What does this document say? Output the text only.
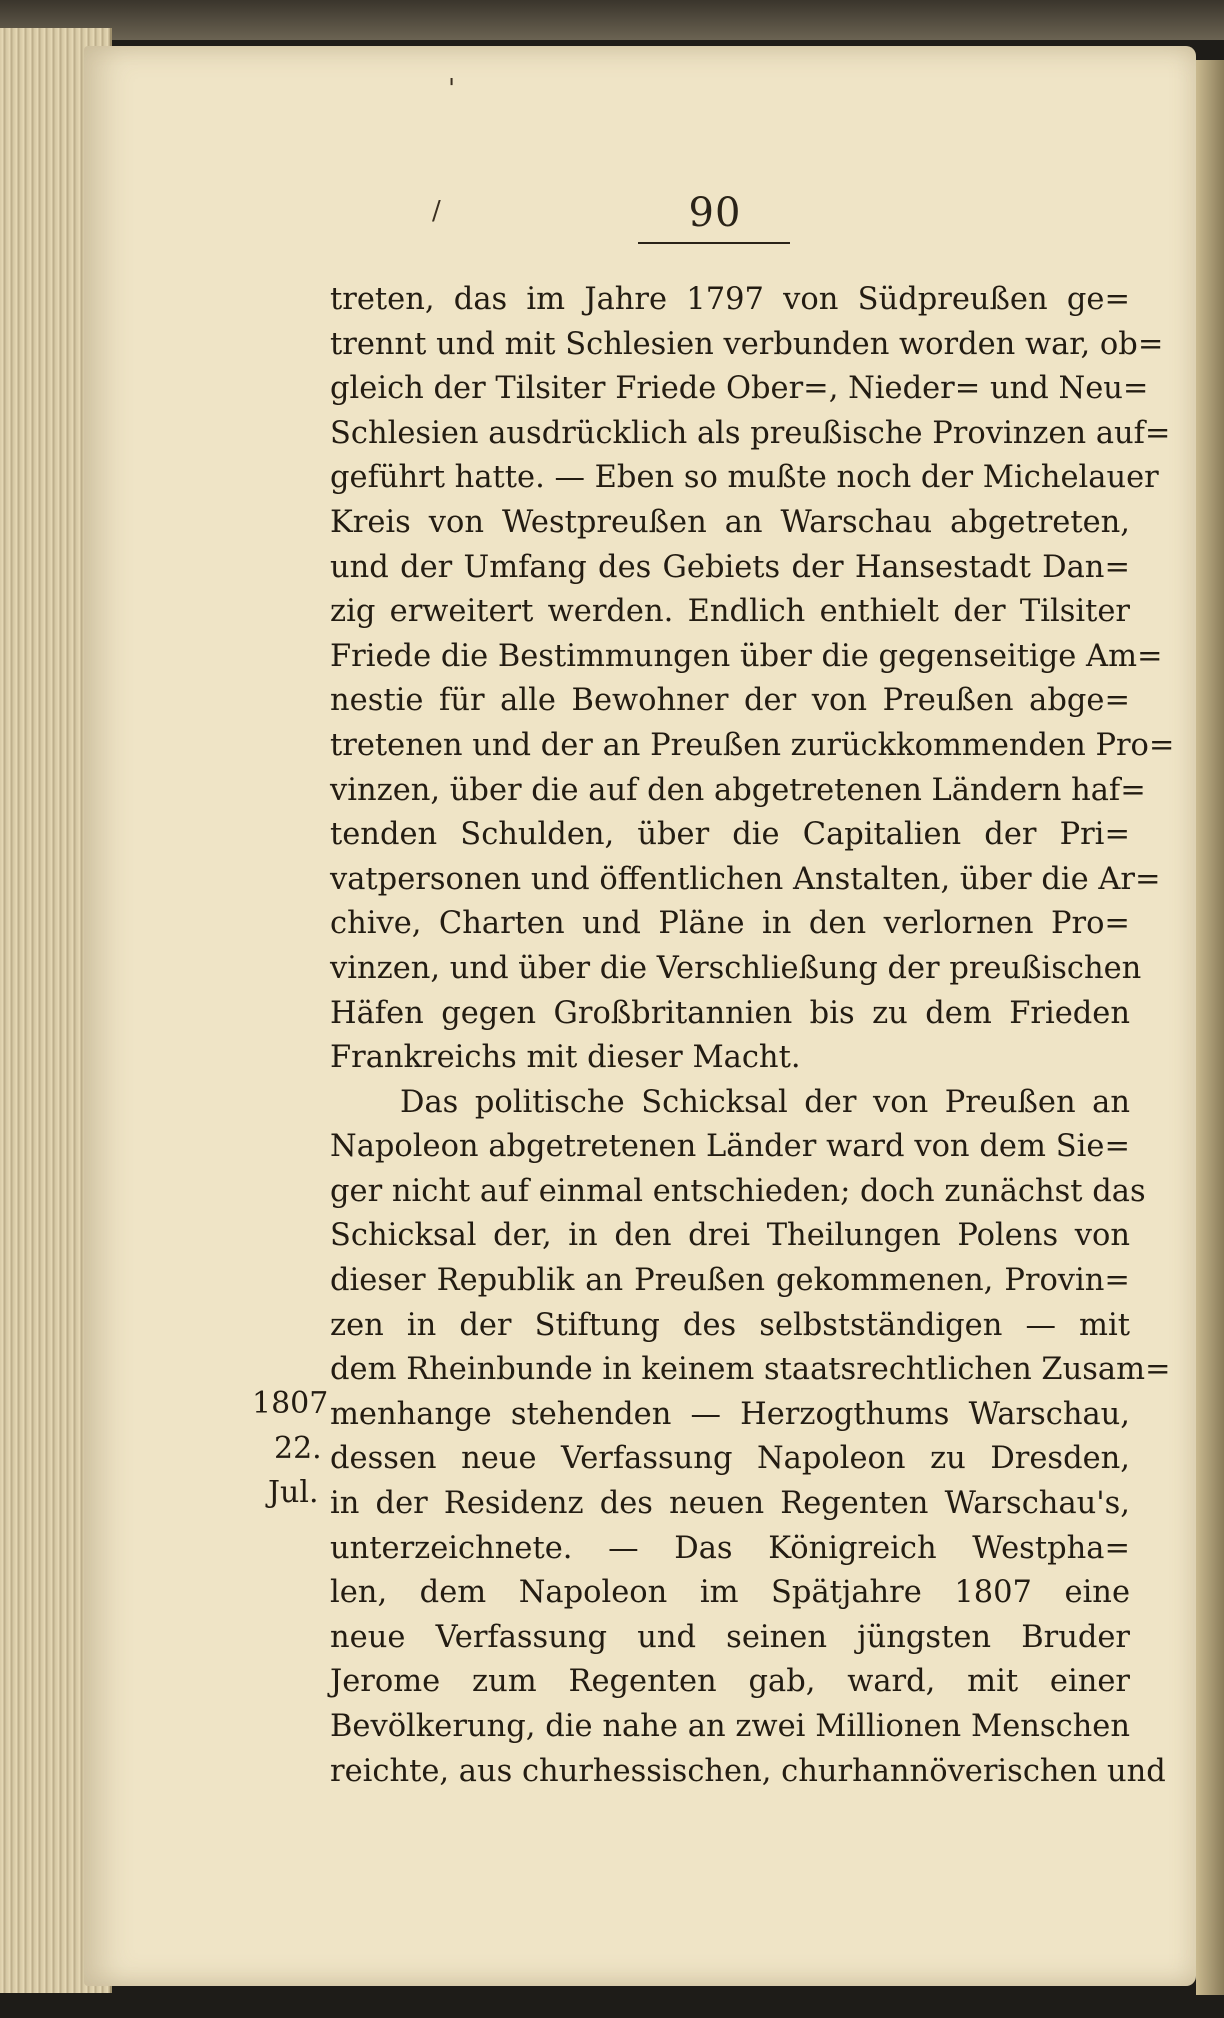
'
/	90
treten, das im Jahre 1797 von Südpreußen ge=
trennt und mit Schlesien verbunden worden war, ob=
gleich der Tilsiter Friede Ober=, Nieder= und Neu=
Schlesien ausdrücklich als preußische Provinzen auf=
geführt hatte. — Eben so mußte noch der Michelauer
Kreis von Westpreußen an Warschau abgetreten,
und der Umfang des Gebiets der Hansestadt Dan=
zig erweitert werden. Endlich enthielt der Tilsiter
Friede die Bestimmungen über die gegenseitige Am=
nestie für alle Bewohner der von Preußen abge=
tretenen und der an Preußen zurückkommenden Pro=
vinzen, über die auf den abgetretenen Ländern haf=
tenden Schulden, über die Capitalien der Pri=
vatpersonen und öffentlichen Anstalten, über die Ar=
chive, Charten und Pläne in den verlornen Pro=
vinzen, und über die Verschließung der preußischen
Häfen gegen Großbritannien bis zu dem Frieden
Frankreichs mit dieser Macht.
Das politische Schicksal der von Preußen an
Napoleon abgetretenen Länder ward von dem Sie=
ger nicht auf einmal entschieden; doch zunächst das
Schicksal der, in den drei Theilungen Polens von
dieser Republik an Preußen gekommenen, Provin=
zen in der Stiftung des selbstständigen — mit
dem Rheinbunde in keinem staatsrechtlichen Zusam=
menhange stehenden — Herzogthums Warschau,
dessen neue Verfassung Napoleon zu Dresden,
in der Residenz des neuen Regenten Warschau's,
unterzeichnete. — Das Königreich Westpha=
len, dem Napoleon im Spätjahre 1807 eine
neue Verfassung und seinen jüngsten Bruder
Jerome zum Regenten gab, ward, mit einer
Bevölkerung, die nahe an zwei Millionen Menschen
reichte, aus churhessischen, churhannöverischen und
1807
22.
Jul.
